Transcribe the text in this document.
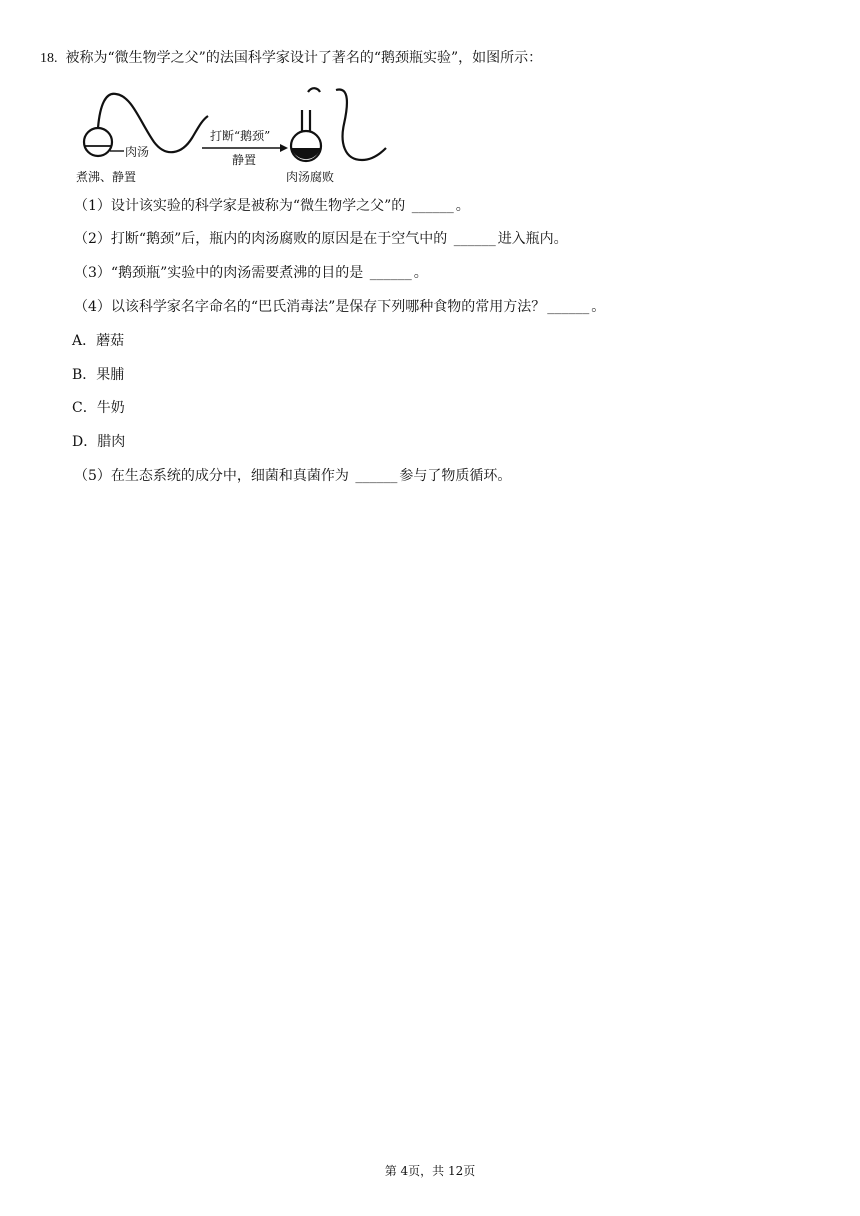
18. 被称为“微生物学之父”的法国科学家设计了著名的“鹅颈瓶实验”，如图所示：
肉汤
煮沸、静置
打断“鹅颈”
静置
肉汤腐败
（1）设计该实验的科学家是被称为“微生物学之父”的 ______ 。
（2）打断“鹅颈”后，瓶内的肉汤腐败的原因是在于空气中的 ______ 进入瓶内。
（3）“鹅颈瓶”实验中的肉汤需要煮沸的目的是 ______ 。
（4）以该科学家名字命名的“巴氏消毒法”是保存下列哪种食物的常用方法？ ______ 。
A．蘑菇
B．果脯
C．牛奶
D．腊肉
（5）在生态系统的成分中，细菌和真菌作为 ______ 参与了物质循环。
第 4页，共 12页
